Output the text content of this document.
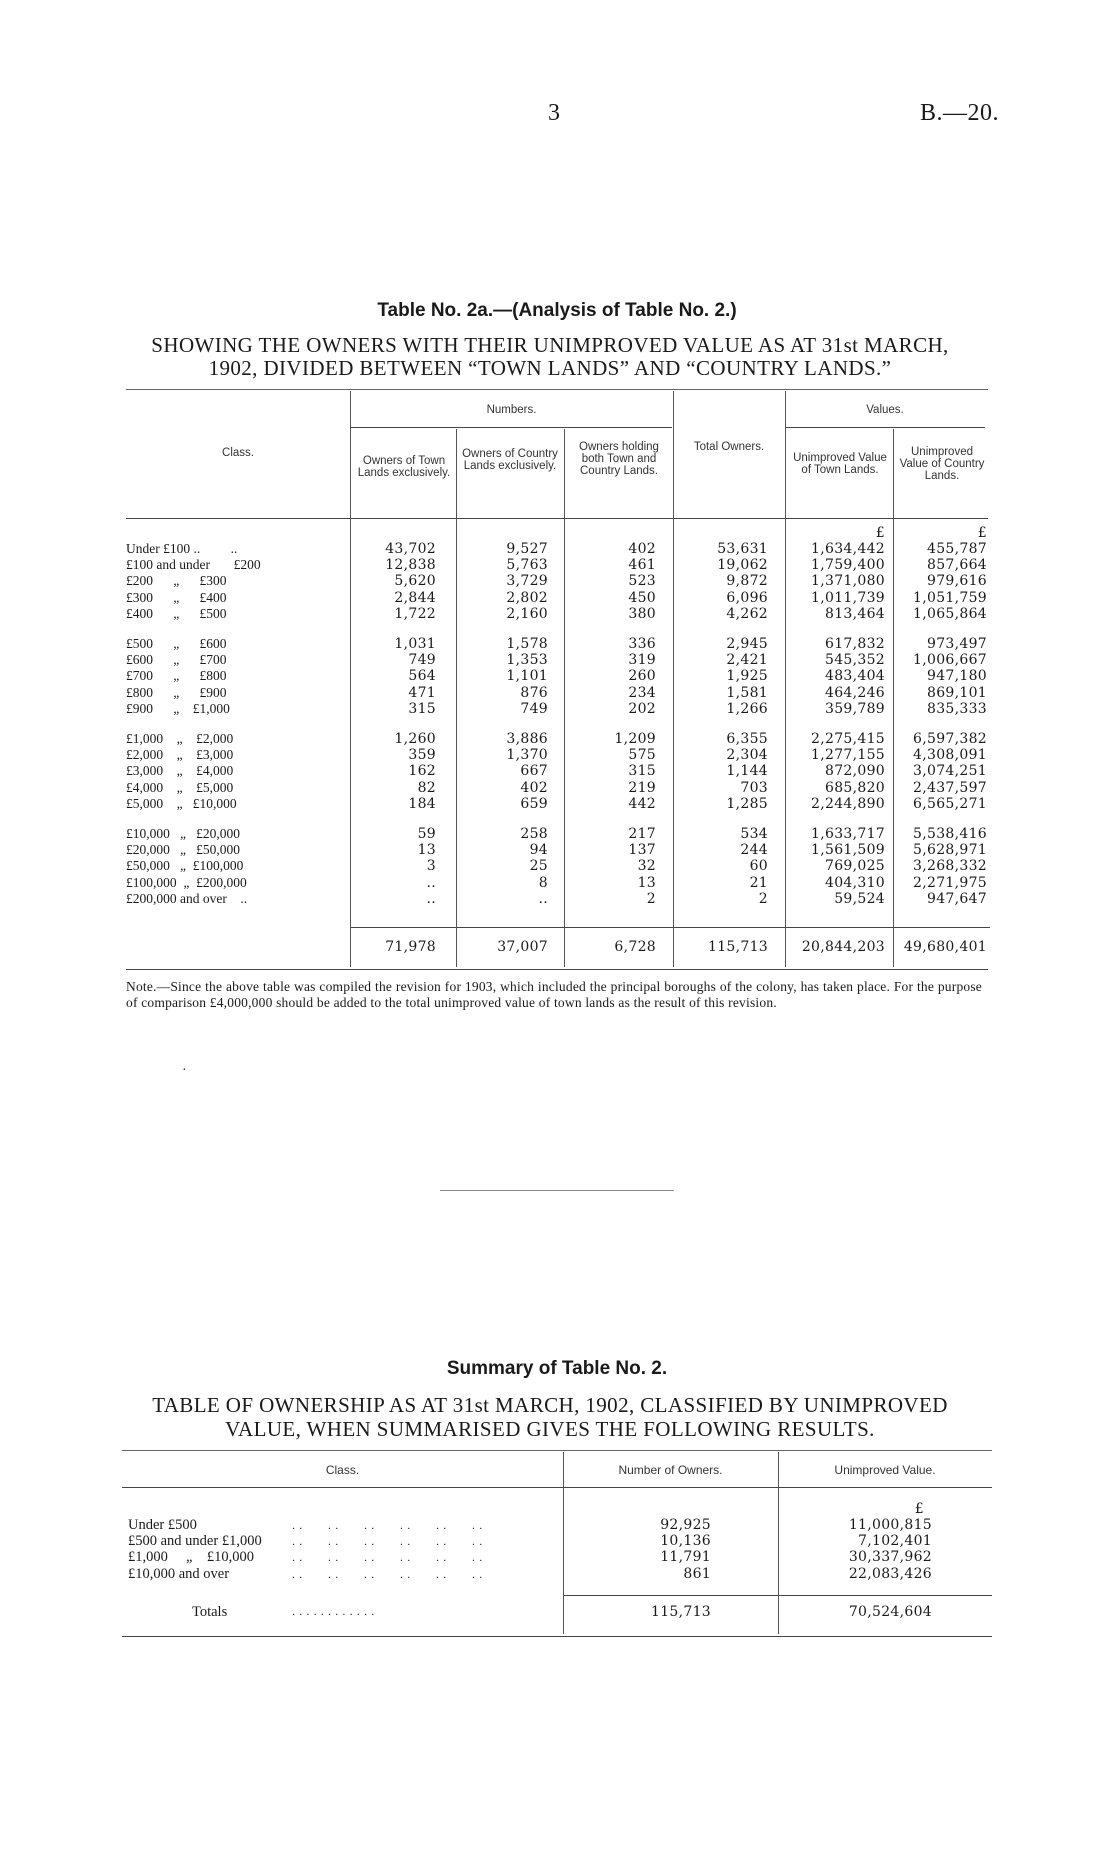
3	B.—20.
Table No. 2a.—(Analysis of Table No. 2.)
SHOWING THE OWNERS WITH THEIR UNIMPROVED VALUE AS AT 31st MARCH,
1902, DIVIDED BETWEEN “TOWN LANDS” AND “COUNTRY LANDS.”
Class.
Numbers.	Values.
Owners of Town Lands exclusively.
Owners of Country Lands exclusively.
Owners holding both Town and Country Lands.
Total Owners.
Unimproved Value of Town Lands.
Unimproved Value of Country Lands.
£	£
Under £100 ..         ..	43,702	9,527	402	53,631	1,634,442	455,787
£100 and under       £200	12,838	5,763	461	19,062	1,759,400	857,664
£200      „      £300	5,620	3,729	523	9,872	1,371,080	979,616
£300      „      £400	2,844	2,802	450	6,096	1,011,739	1,051,759
£400      „      £500	1,722	2,160	380	4,262	813,464	1,065,864
£500      „      £600	1,031	1,578	336	2,945	617,832	973,497
£600      „      £700	749	1,353	319	2,421	545,352	1,006,667
£700      „      £800	564	1,101	260	1,925	483,404	947,180
£800      „      £900	471	876	234	1,581	464,246	869,101
£900      „    £1,000	315	749	202	1,266	359,789	835,333
£1,000    „    £2,000	1,260	3,886	1,209	6,355	2,275,415	6,597,382
£2,000    „    £3,000	359	1,370	575	2,304	1,277,155	4,308,091
£3,000    „    £4,000	162	667	315	1,144	872,090	3,074,251
£4,000    „    £5,000	82	402	219	703	685,820	2,437,597
£5,000    „   £10,000	184	659	442	1,285	2,244,890	6,565,271
£10,000   „   £20,000	59	258	217	534	1,633,717	5,538,416
£20,000   „   £50,000	13	94	137	244	1,561,509	5,628,971
£50,000   „  £100,000	3	25	32	60	769,025	3,268,332
£100,000  „  £200,000	..	8	13	21	404,310	2,271,975
£200,000 and over    ..	..	..	2	2	59,524	947,647
71,978	37,007	6,728	115,713	20,844,203	49,680,401
Note.—Since the above table was compiled the revision for 1903, which included the principal boroughs of the colony, has taken place. For the purpose of comparison £4,000,000 should be added to the total unimproved value of town lands as the result of this revision.
·
Summary of Table No. 2.
TABLE OF OWNERSHIP AS AT 31st MARCH, 1902, CLASSIFIED BY UNIMPROVED
VALUE, WHEN SUMMARISED GIVES THE FOLLOWING RESULTS.
Class.	Number of Owners.	Unimproved Value.
£
Under £500	. .       . .       . .       . .       . .       . .	92,925	11,000,815
£500 and under £1,000	. .       . .       . .       . .       . .       . .	10,136	7,102,401
£1,000     „    £10,000	. .       . .       . .       . .       . .       . .	11,791	30,337,962
£10,000 and over	. .       . .       . .       . .       . .       . .	861	22,083,426
Totals	. . . . . . . . . . . .	115,713	70,524,604
